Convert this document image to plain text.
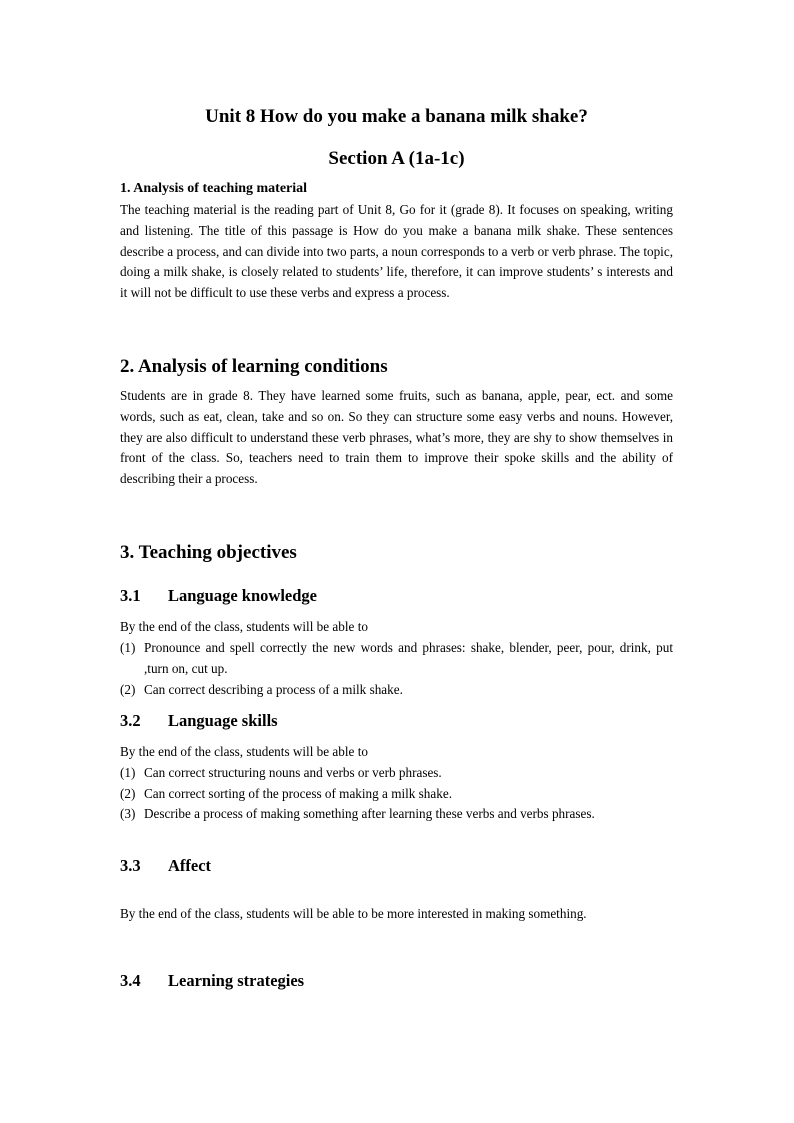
Unit 8 How do you make a banana milk shake?
Section A (1a-1c)
1. Analysis of teaching material

The teaching material is the reading part of Unit 8, Go for it (grade 8). It focuses on speaking, writing and listening. The title of this passage is How do you make a banana milk shake. These sentences describe a process, and can divide into two parts, a noun corresponds to a verb or verb phrase. The topic, doing a milk shake, is closely related to students’ life, therefore, it can improve students’ s interests and it will not be difficult to use these verbs and express a process.

2. Analysis of learning conditions

Students are in grade 8. They have learned some fruits, such as banana, apple, pear, ect. and some words, such as eat, clean, take and so on. So they can structure some easy verbs and nouns. However, they are also difficult to understand these verb phrases, what’s more, they are shy to show themselves in front of the class. So, teachers need to train them to improve their spoke skills and the ability of describing their a process.

3. Teaching objectives
3.1 Language knowledge

By the end of the class, students will be able to

(1) Pronounce and spell correctly the new words and phrases: shake, blender, peer, pour, drink, put ,turn on, cut up.
(2) Can correct describing a process of a milk shake.
3.2 Language skills

By the end of the class, students will be able to

(1) Can correct structuring nouns and verbs or verb phrases.
(2) Can correct sorting of the process of making a milk shake.
(3) Describe a process of making something after learning these verbs and verbs phrases.
3.3 Affect

By the end of the class, students will be able to be more interested in making something.

3.4 Learning strategies
